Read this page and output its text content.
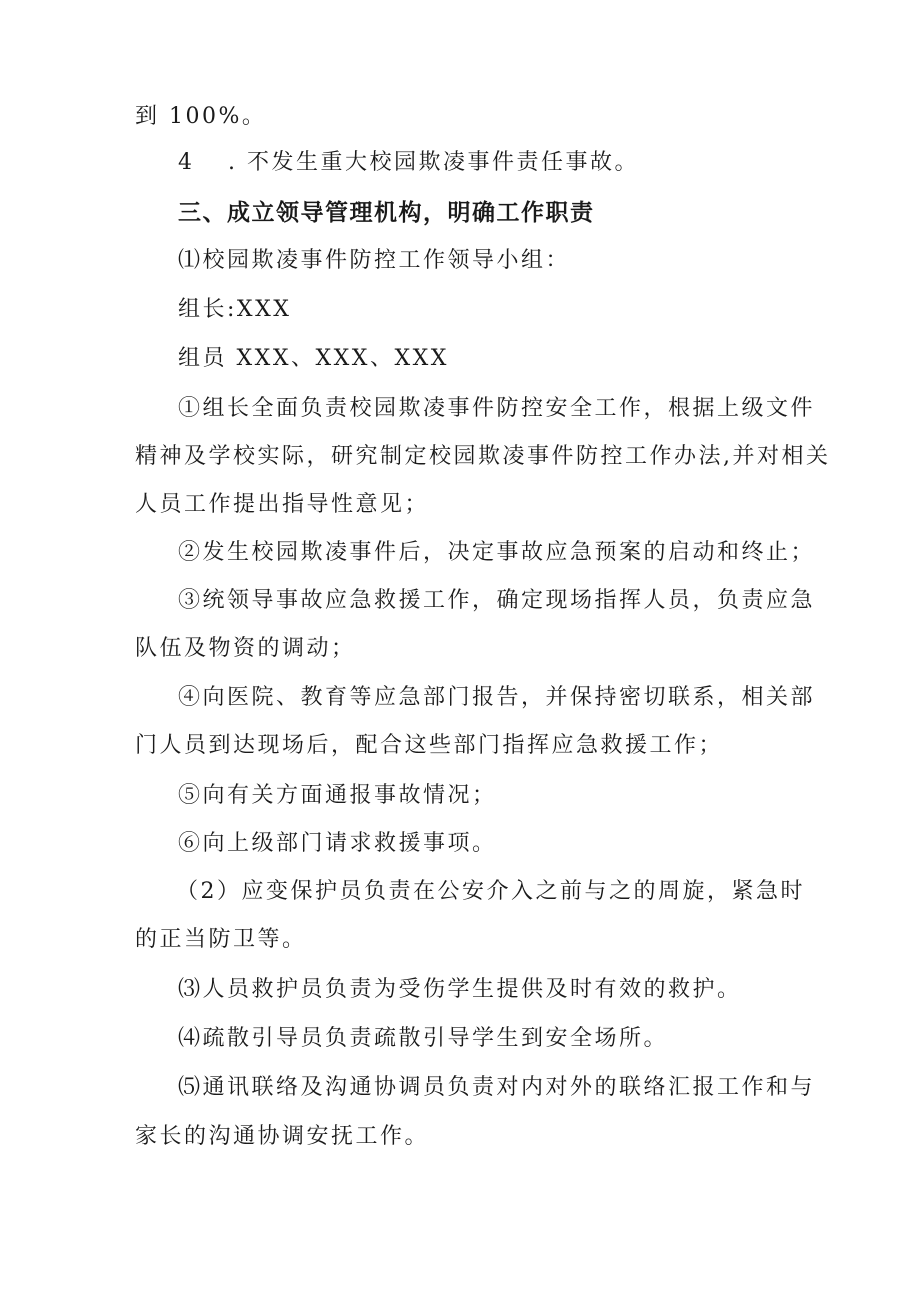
到 100%。
4 . 不发生重大校园欺凌事件责任事故。
三、成立领导管理机构，明确工作职责
⑴校园欺凌事件防控工作领导小组：
组长:XXX
组员 XXX、XXX、XXX
①组长全面负责校园欺凌事件防控安全工作，根据上级文件
精神及学校实际，研究制定校园欺凌事件防控工作办法,并对相关
人员工作提出指导性意见；
②发生校园欺凌事件后，决定事故应急预案的启动和终止；
③统领导事故应急救援工作，确定现场指挥人员，负责应急
队伍及物资的调动；
④向医院、教育等应急部门报告，并保持密切联系，相关部
门人员到达现场后，配合这些部门指挥应急救援工作；
⑤向有关方面通报事故情况；
⑥向上级部门请求救援事项。
（2）应变保护员负责在公安介入之前与之的周旋，紧急时
的正当防卫等。
⑶人员救护员负责为受伤学生提供及时有效的救护。
⑷疏散引导员负责疏散引导学生到安全场所。
⑸通讯联络及沟通协调员负责对内对外的联络汇报工作和与
家长的沟通协调安抚工作。
